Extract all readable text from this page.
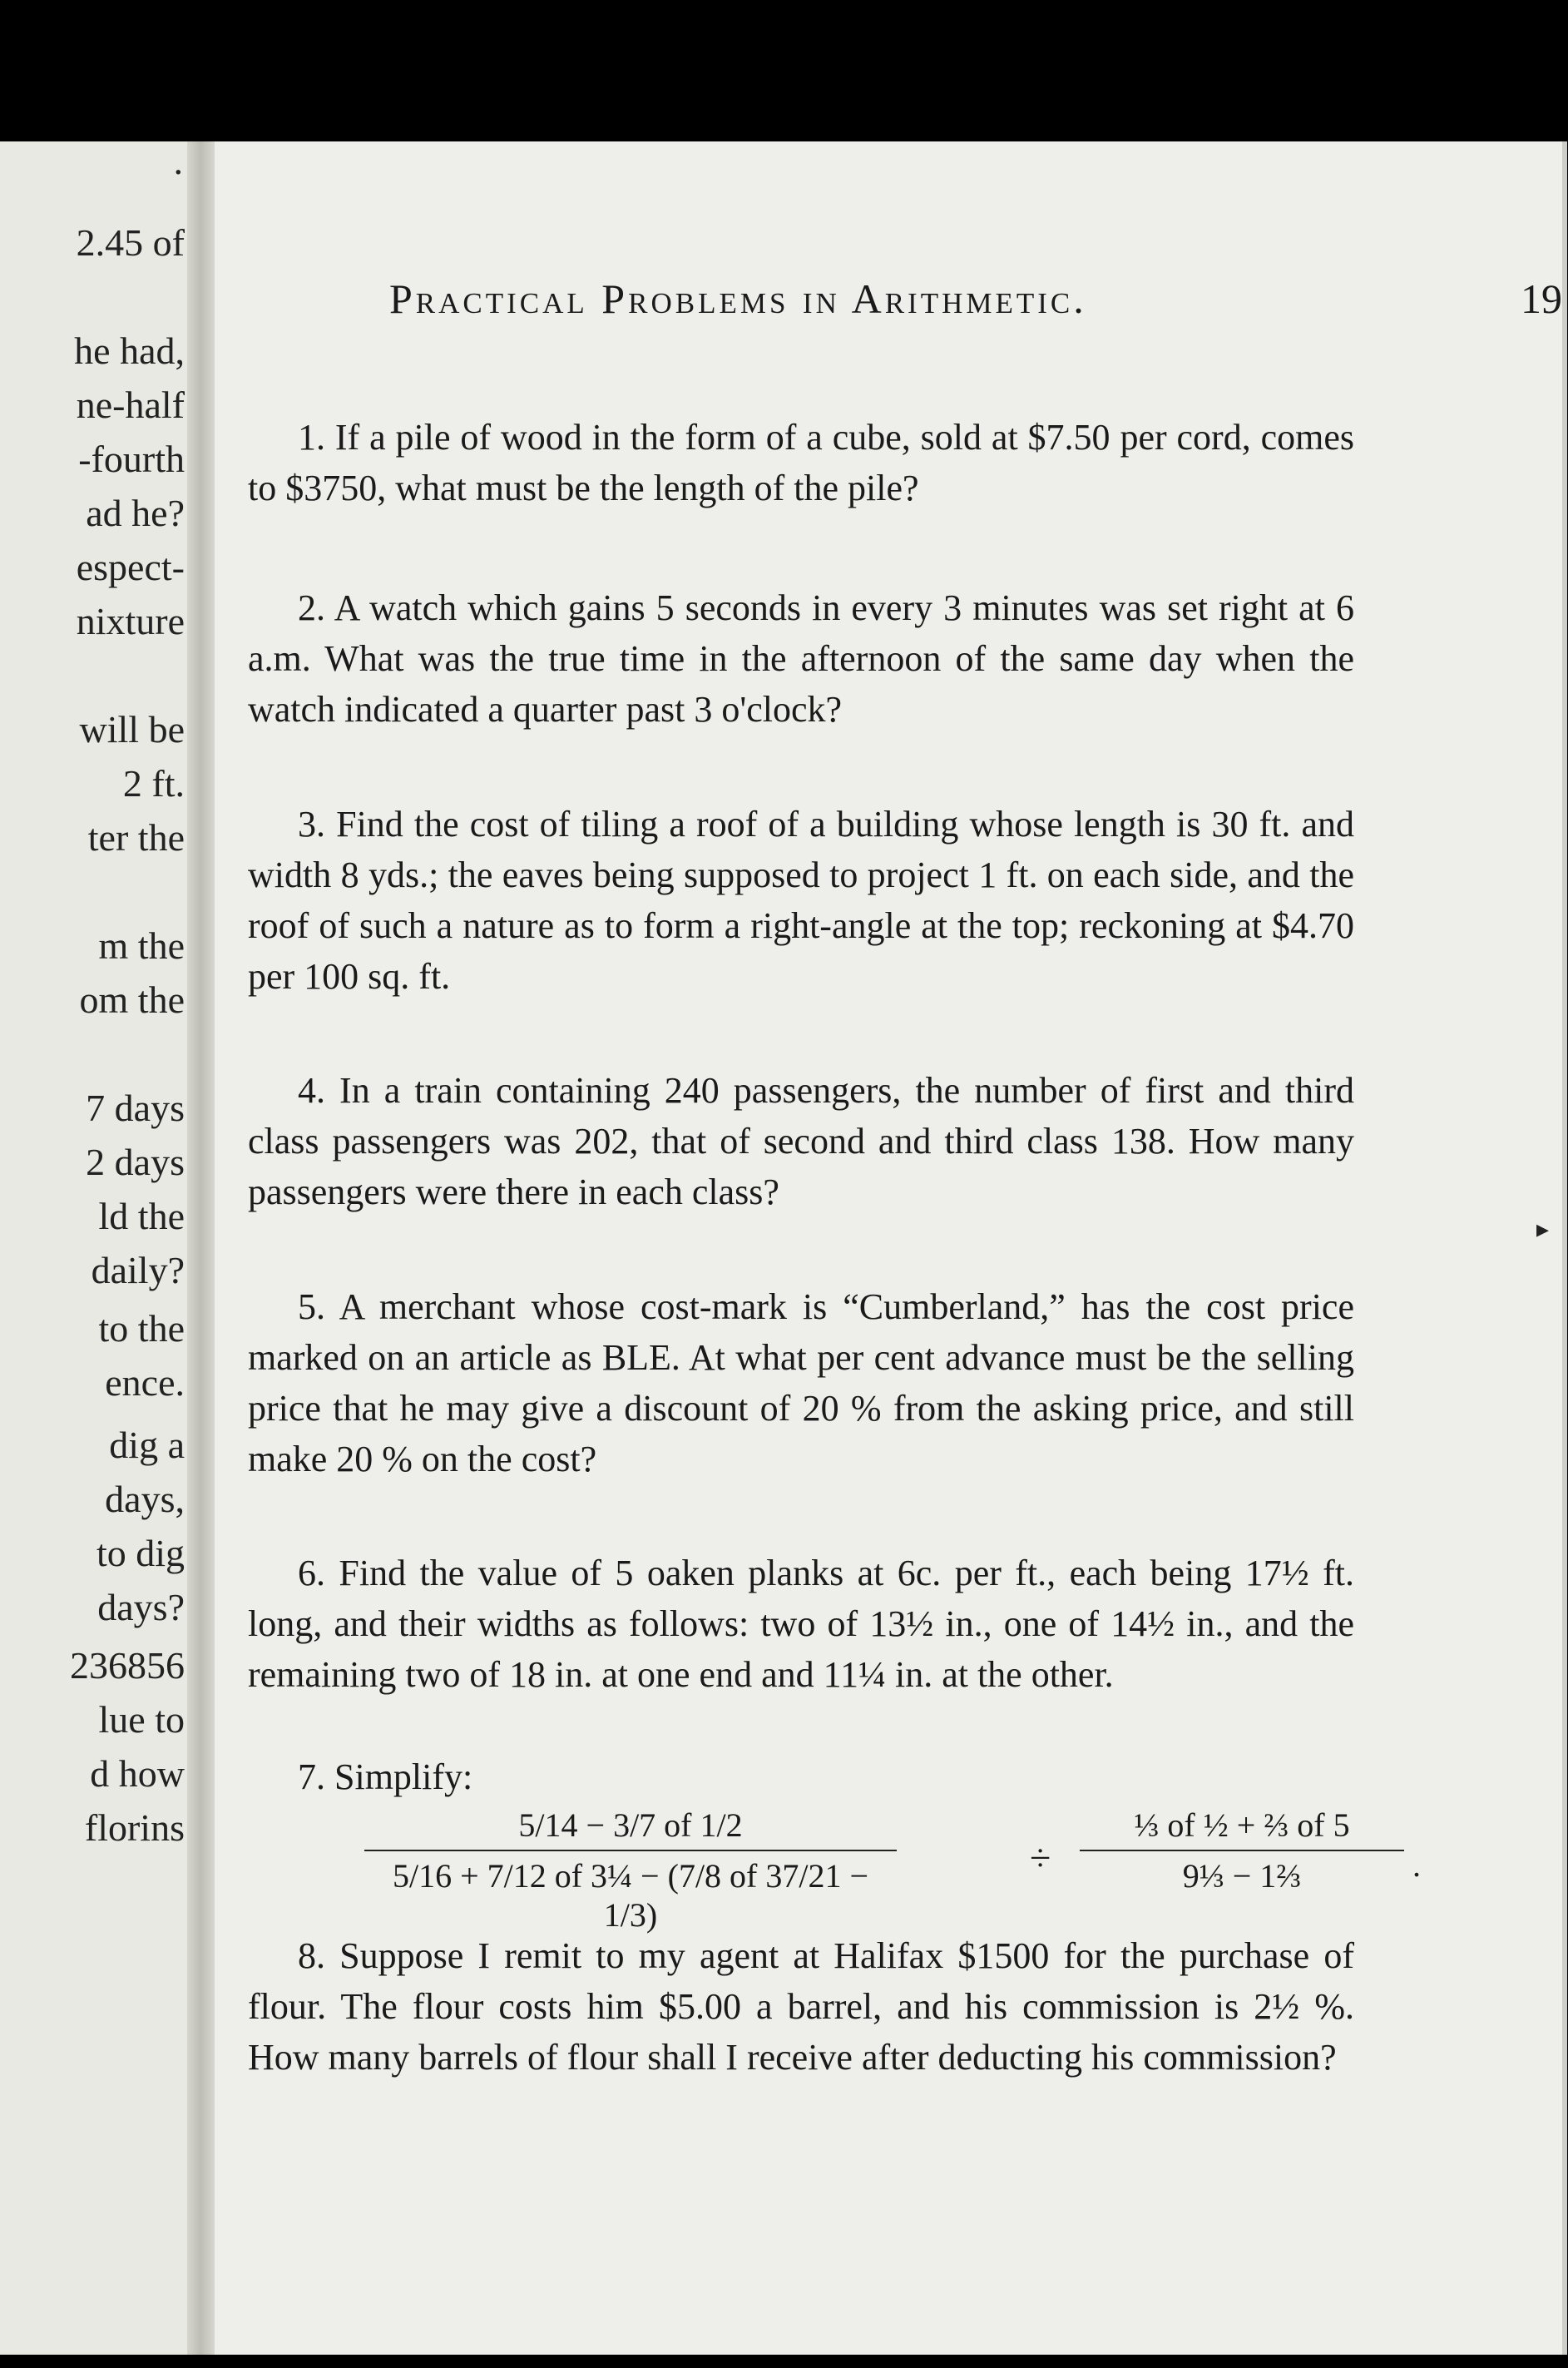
·
2.45 of
he had,
ne-half
-fourth
ad he?
espect-
nixture
will be
2 ft.
ter the
m the
om the
7 days
2 days
ld the
daily?
to the
ence.
dig a
days,
to dig
days?
236856
lue to
d how
florins
Practical Problems in Arithmetic.	19
1. If a pile of wood in the form of a cube, sold at $7.50 per cord, comes to $3750, what must be the length of the pile?
2. A watch which gains 5 seconds in every 3 minutes was set right at 6 a.m. What was the true time in the afternoon of the same day when the watch indicated a quarter past 3 o'clock?
3. Find the cost of tiling a roof of a building whose length is 30 ft. and width 8 yds.; the eaves being supposed to project 1 ft. on each side, and the roof of such a nature as to form a right-angle at the top; reckoning at $4.70 per 100 sq. ft.
4. In a train containing 240 passengers, the number of first and third class passengers was 202, that of second and third class 138. How many passengers were there in each class?
5. A merchant whose cost-mark is “Cumberland,” has the cost price marked on an article as BLE. At what per cent advance must be the selling price that he may give a discount of 20 % from the asking price, and still make 20 % on the cost?
6. Find the value of 5 oaken planks at 6c. per ft., each being 17½ ft. long, and their widths as follows: two of 13½ in., one of 14½ in., and the remaining two of 18 in. at one end and 11¼ in. at the other.
7. Simplify:
$\frac{5/14 - 3/7 of 1/2}{\text{5/16 + 7/12 of 3¼ − (7/8 of 37/21 − 1/3)}}$	÷ $\frac{\text{⅓ of ½ + ⅔ of 5}}{\text{9⅓ − 1⅔}}$ .
8. Suppose I remit to my agent at Halifax $1500 for the purchase of flour. The flour costs him $5.00 a barrel, and his commission is 2½ %. How many barrels of flour shall I receive after deducting his commission?
▸
